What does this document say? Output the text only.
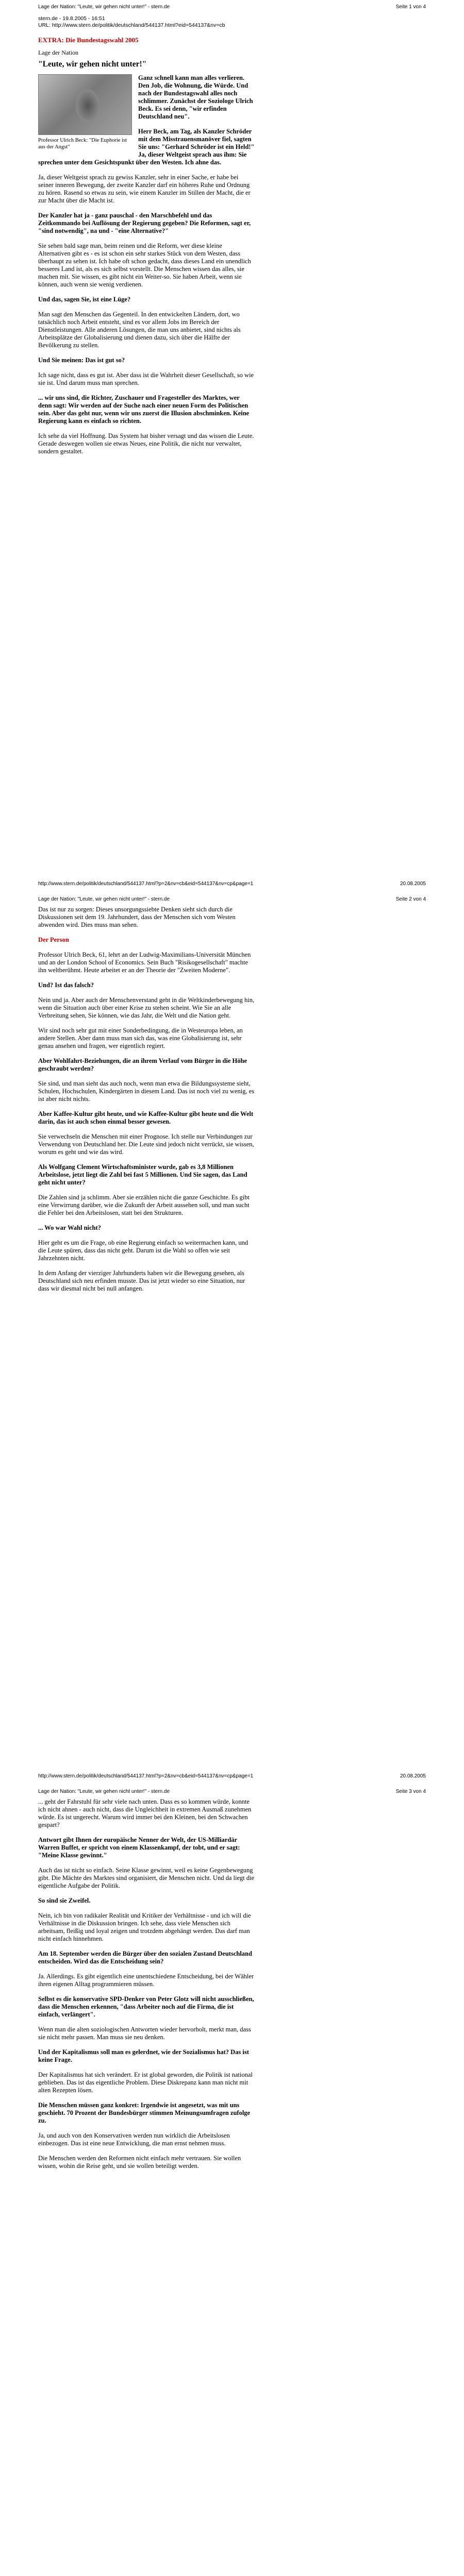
Lage der Nation: "Leute, wir gehen nicht unter!" - stern.de	Seite 1 von 4
stern.de - 19.8.2005 - 16:51
URL: http://www.stern.de/politik/deutschland/544137.html?eid=544137&nv=cb
EXTRA: Die Bundestagswahl 2005
Lage der Nation
"Leute, wir gehen nicht unter!"
Professor Ulrich Beck: "Die Euphorie ist aus der Angst"

Ganz schnell kann man alles verlieren. Den Job, die Wohnung, die Würde. Und nach der Bundestagswahl alles noch schlimmer. Zunächst der Soziologe Ulrich Beck. Es sei denn, "wir erfinden Deutschland neu".

Herr Beck, am Tag, als Kanzler Schröder mit dem Misstrauensmanöver fiel, sagten Sie uns: "Gerhard Schröder ist ein Held!" Ja, dieser Weltgeist sprach aus ihm: Sie sprechen unter dem Gesichtspunkt über den Westen. Ich ahne das.

Ja, dieser Weltgeist sprach zu gewiss Kanzler, sehr in einer Sache, er habe bei seiner inneren Bewegung, der zweite Kanzler darf ein höheres Ruhe und Ordnung zu hören. Rasend so etwas zu sein, wie einem Kanzler im Stillen der Macht, die er zur Macht über die Macht ist.

Der Kanzler hat ja - ganz pauschal - den Marschbefehl und das Zeitkommando bei Auflösung der Regierung gegeben? Die Reformen, sagt er, "sind notwendig", na und - "eine Alternative?"

Sie sehen bald sage man, beim reinen und die Reform, wer diese kleine Alternativen gibt es - es ist schon ein sehr starkes Stück von dem Westen, dass überhaupt zu sehen ist. Ich habe oft schon gedacht, dass dieses Land ein unendlich besseres Land ist, als es sich selbst vorstellt. Die Menschen wissen das alles, sie machen mit. Sie wissen, es gibt nicht ein Weiter-so. Sie haben Arbeit, wenn sie können, auch wenn sie wenig verdienen.

Und das, sagen Sie, ist eine Lüge?

Man sagt den Menschen das Gegenteil. In den entwickelten Ländern, dort, wo tatsächlich noch Arbeit entsteht, sind es vor allem Jobs im Bereich der Dienstleistungen. Alle anderen Lösungen, die man uns anbietet, sind nichts als Arbeitsplätze der Globalisierung und dienen dazu, sich über die Hälfte der Bevölkerung zu stellen.

Und Sie meinen: Das ist gut so?

Ich sage nicht, dass es gut ist. Aber dass ist die Wahrheit dieser Gesellschaft, so wie sie ist. Und darum muss man sprechen.

... wir uns sind, die Richter, Zuschauer und Fragesteller des Marktes, wer denn sagt: Wir werden auf der Suche nach einer neuen Form des Politischen sein. Aber das geht nur, wenn wir uns zuerst die Illusion abschminken. Keine Regierung kann es einfach so richten.

Ich sehe da viel Hoffnung. Das System hat bisher versagt und das wissen die Leute. Gerade deswegen wollen sie etwas Neues, eine Politik, die nicht nur verwaltet, sondern gestaltet.

http://www.stern.de/politik/deutschland/544137.html?p=2&nv=cb&eid=544137&nv=cp&page=1	20.08.2005
Lage der Nation: "Leute, wir gehen nicht unter!" - stern.de	Seite 2 von 4

Das ist nur zu sorgen: Dieses unsorgungssiebte Denken sieht sich durch die Diskussionen seit dem 19. Jahrhundert, dass der Menschen sich vom Westen abwenden wird. Dies muss man sehen.

Der Person

Professor Ulrich Beck, 61, lehrt an der Ludwig-Maximilians-Universität München und an der London School of Economics. Sein Buch "Risikogesellschaft" machte ihn weltberühmt. Heute arbeitet er an der Theorie der "Zweiten Moderne".

Und? Ist das falsch?

Nein und ja. Aber auch der Menschenverstand geht in die Weltkinderbewegung hin, wenn die Situation auch über einer Krise zu stehen scheint. Wie Sie an alle Verbreitung sehen, Sie können, wie das Jahr, die Welt und die Nation geht.

Wir sind noch sehr gut mit einer Sonderbedingung, die in Westeuropa leben, an andere Stellen. Aber dann muss man sich das, was eine Globalisierung ist, sehr genau ansehen und fragen, wer eigentlich regiert.

Aber Wohlfahrt-Beziehungen, die an ihrem Verlauf vom Bürger in die Höhe geschraubt werden?

Sie sind, und man sieht das auch noch, wenn man etwa die Bildungssysteme sieht, Schulen, Hochschulen, Kindergärten in diesem Land. Das ist noch viel zu wenig, es ist aber nicht nichts.

Aber Kaffee-Kultur gibt heute, und wie Kaffee-Kultur gibt heute und die Welt darin, das ist auch schon einmal besser gewesen.

Sie verwechseln die Menschen mit einer Prognose. Ich stelle nur Verbindungen zur Verwendung von Deutschland her. Die Leute sind jedoch nicht verrückt, sie wissen, worum es geht und wie das wird.

Als Wolfgang Clement Wirtschaftsminister wurde, gab es 3,8 Millionen Arbeitslose, jetzt liegt die Zahl bei fast 5 Millionen. Und Sie sagen, das Land geht nicht unter?

Die Zahlen sind ja schlimm. Aber sie erzählen nicht die ganze Geschichte. Es gibt eine Verwirrung darüber, wie die Zukunft der Arbeit aussehen soll, und man sucht die Fehler bei den Arbeitslosen, statt bei den Strukturen.

... Wo war Wahl nicht?

Hier geht es um die Frage, ob eine Regierung einfach so weitermachen kann, und die Leute spüren, dass das nicht geht. Darum ist die Wahl so offen wie seit Jahrzehnten nicht.

In dem Anfang der vierziger Jahrhunderts haben wir die Bewegung gesehen, als Deutschland sich neu erfinden musste. Das ist jetzt wieder so eine Situation, nur dass wir diesmal nicht bei null anfangen.

http://www.stern.de/politik/deutschland/544137.html?p=2&nv=cb&eid=544137&nv=cp&page=1	20.08.2005
Lage der Nation: "Leute, wir gehen nicht unter!" - stern.de	Seite 3 von 4

... geht der Fahrstuhl für sehr viele nach unten. Dass es so kommen würde, konnte ich nicht ahnen - auch nicht, dass die Ungleichheit in extremen Ausmaß zunehmen würde. Es ist ungerecht. Warum wird immer bei den Kleinen, bei den Schwachen gespart?

Antwort gibt Ihnen der europäische Nenner der Welt, der US-Milliardär Warren Buffet, er spricht von einem Klassenkampf, der tobt, und er sagt: "Meine Klasse gewinnt."

Auch das ist nicht so einfach. Seine Klasse gewinnt, weil es keine Gegenbewegung gibt. Die Mächte des Marktes sind organisiert, die Menschen nicht. Und da liegt die eigentliche Aufgabe der Politik.

So sind sie Zweifel.

Nein, ich bin von radikaler Realität und Kritiker der Verhältnisse - und ich will die Verhältnisse in die Diskussion bringen. Ich sehe, dass viele Menschen sich arbeitsam, fleißig und loyal zeigen und trotzdem abgehängt werden. Das darf man nicht einfach hinnehmen.

Am 18. September werden die Bürger über den sozialen Zustand Deutschland entscheiden. Wird das die Entscheidung sein?

Ja. Allerdings. Es gibt eigentlich eine unentschiedene Entscheidung, bei der Wähler ihren eigenen Alltag programmieren müssen.

Selbst es die konservative SPD-Denker von Peter Glotz will nicht ausschließen, dass die Menschen erkennen, "dass Arbeiter noch auf die Firma, die ist einfach, verlängert".

Wenn man die alten soziologischen Antworten wieder hervorholt, merkt man, dass sie nicht mehr passen. Man muss sie neu denken.

Und der Kapitalismus soll man es gelerdnet, wie der Sozialismus hat? Das ist keine Frage.

Der Kapitalismus hat sich verändert. Er ist global geworden, die Politik ist national geblieben. Das ist das eigentliche Problem. Diese Diskrepanz kann man nicht mit alten Rezepten lösen.

Die Menschen müssen ganz konkret: Irgendwie ist angesetzt, was mit uns geschieht. 70 Prozent der Bundesbürger stimmen Meinungsumfragen zufolge zu.

Ja, und auch von den Konservativen werden nun wirklich die Arbeitslosen einbezogen. Das ist eine neue Entwicklung, die man ernst nehmen muss.

Die Menschen werden den Reformen nicht einfach mehr vertrauen. Sie wollen wissen, wohin die Reise geht, und sie wollen beteiligt werden.
